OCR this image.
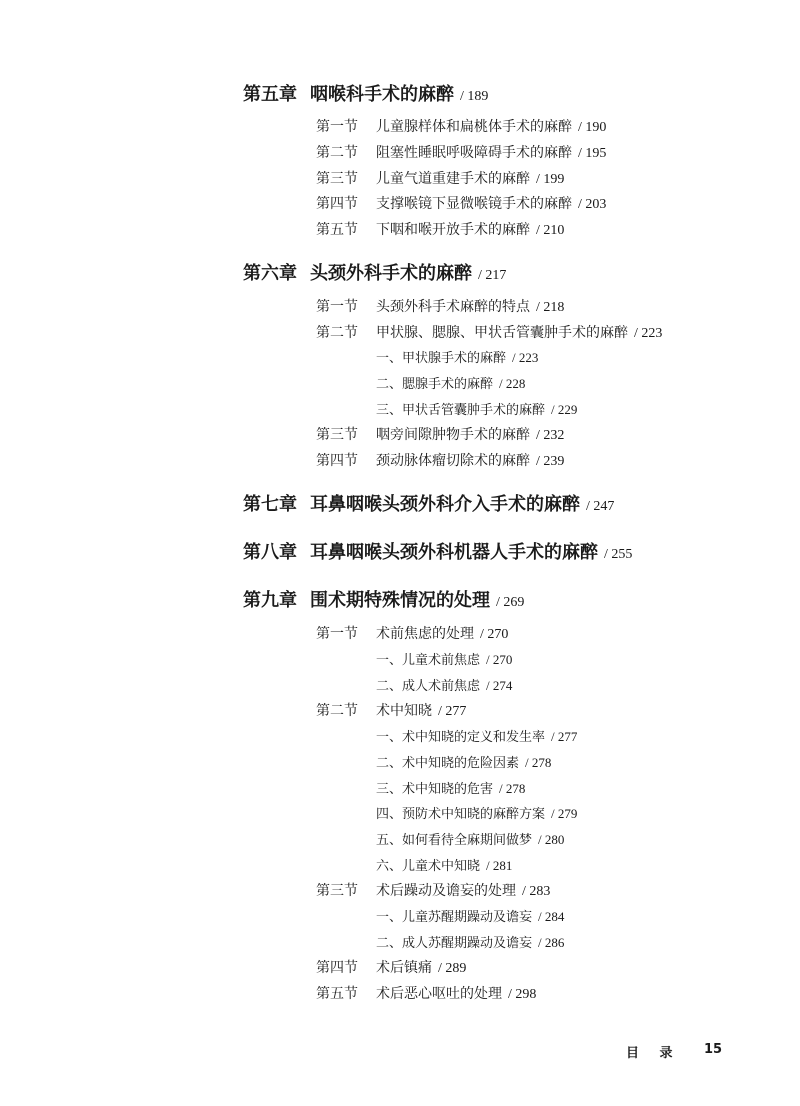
第五章 咽喉科手术的麻醉 / 189
第一节 儿童腺样体和扁桃体手术的麻醉 / 190
第二节 阻塞性睡眠呼吸障碍手术的麻醉 / 195
第三节 儿童气道重建手术的麻醉 / 199
第四节 支撑喉镜下显微喉镜手术的麻醉 / 203
第五节 下咽和喉开放手术的麻醉 / 210
第六章 头颈外科手术的麻醉 / 217
第一节 头颈外科手术麻醉的特点 / 218
第二节 甲状腺、腮腺、甲状舌管囊肿手术的麻醉 / 223
一、甲状腺手术的麻醉 / 223
二、腮腺手术的麻醉 / 228
三、甲状舌管囊肿手术的麻醉 / 229
第三节 咽旁间隙肿物手术的麻醉 / 232
第四节 颈动脉体瘤切除术的麻醉 / 239
第七章 耳鼻咽喉头颈外科介入手术的麻醉 / 247
第八章 耳鼻咽喉头颈外科机器人手术的麻醉 / 255
第九章 围术期特殊情况的处理 / 269
第一节 术前焦虑的处理 / 270
一、儿童术前焦虑 / 270
二、成人术前焦虑 / 274
第二节 术中知晓 / 277
一、术中知晓的定义和发生率 / 277
二、术中知晓的危险因素 / 278
三、术中知晓的危害 / 278
四、预防术中知晓的麻醉方案 / 279
五、如何看待全麻期间做梦 / 280
六、儿童术中知晓 / 281
第三节 术后躁动及谵妄的处理 / 283
一、儿童苏醒期躁动及谵妄 / 284
二、成人苏醒期躁动及谵妄 / 286
第四节 术后镇痛 / 289
第五节 术后恶心呕吐的处理 / 298
目 录 15
